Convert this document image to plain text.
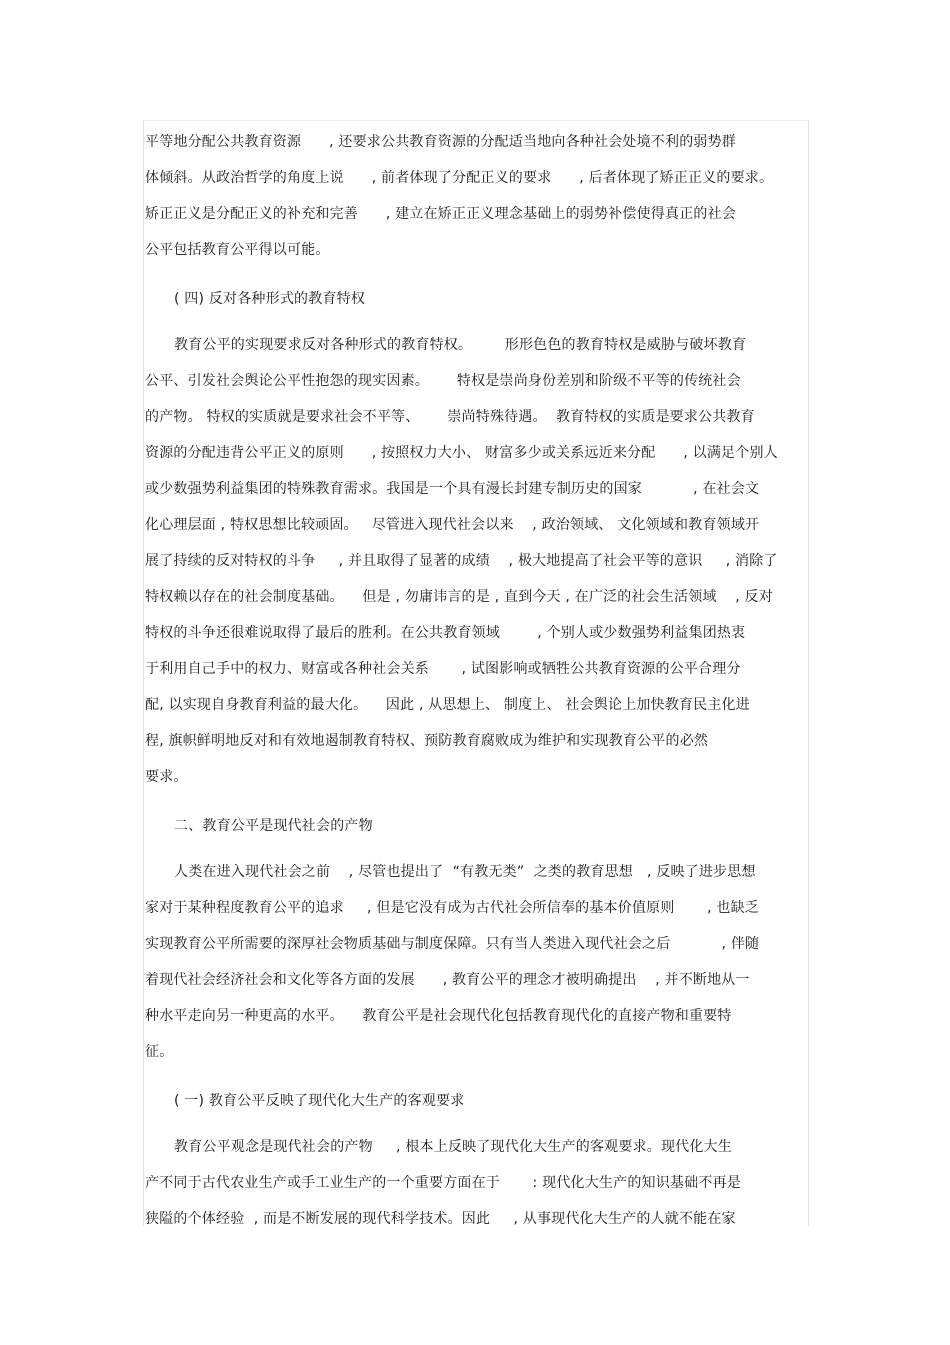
平等地分配公共教育资源      , 还要求公共教育资源的分配适当地向各种社会处境不利的弱势群
体倾斜。从政治哲学的角度上说      , 前者体现了分配正义的要求      , 后者体现了矫正正义的要求。
矫正正义是分配正义的补充和完善      , 建立在矫正正义理念基础上的弱势补偿使得真正的社会
公平包括教育公平得以可能。
( 四) 反对各种形式的教育特权
教育公平的实现要求反对各种形式的教育特权。       形形色色的教育特权是威胁与破坏教育
公平、引发社会舆论公平性抱怨的现实因素。      特权是崇尚身份差别和阶级不平等的传统社会
的产物。 特权的实质就是要求社会不平等、      崇尚特殊待遇。  教育特权的实质是要求公共教育
资源的分配违背公平正义的原则      , 按照权力大小、 财富多少或关系远近来分配      , 以满足个别人
或少数强势利益集团的特殊教育需求。我国是一个具有漫长封建专制历史的国家           , 在社会文
化心理层面 , 特权思想比较顽固。   尽管进入现代社会以来    , 政治领域、 文化领域和教育领域开
展了持续的反对特权的斗争     , 并且取得了显著的成绩    , 极大地提高了社会平等的意识     , 消除了
特权赖以存在的社会制度基础。    但是 , 勿庸讳言的是 , 直到今天 , 在广泛的社会生活领域    , 反对
特权的斗争还很难说取得了最后的胜利。在公共教育领域        , 个别人或少数强势利益集团热衷
于利用自己手中的权力、财富或各种社会关系       , 试图影响或牺牲公共教育资源的公平合理分
配, 以实现自身教育利益的最大化。    因此 , 从思想上、 制度上、 社会舆论上加快教育民主化进
程, 旗帜鲜明地反对和有效地遏制教育特权、预防教育腐败成为维护和实现教育公平的必然
要求。
二、教育公平是现代社会的产物
人类在进入现代社会之前    , 尽管也提出了  “有教无类”  之类的教育思想   , 反映了进步思想
家对于某种程度教育公平的追求     , 但是它没有成为古代社会所信奉的基本价值原则       , 也缺乏
实现教育公平所需要的深厚社会物质基础与制度保障。只有当人类进入现代社会之后           , 伴随
着现代社会经济社会和文化等各方面的发展      , 教育公平的理念才被明确提出    , 并不断地从一
种水平走向另一种更高的水平。    教育公平是社会现代化包括教育现代化的直接产物和重要特
征。
( 一) 教育公平反映了现代化大生产的客观要求
教育公平观念是现代社会的产物     , 根本上反映了现代化大生产的客观要求。现代化大生
产不同于古代农业生产或手工业生产的一个重要方面在于       : 现代化大生产的知识基础不再是
狭隘的个体经验  , 而是不断发展的现代科学技术。因此     , 从事现代化大生产的人就不能在家
